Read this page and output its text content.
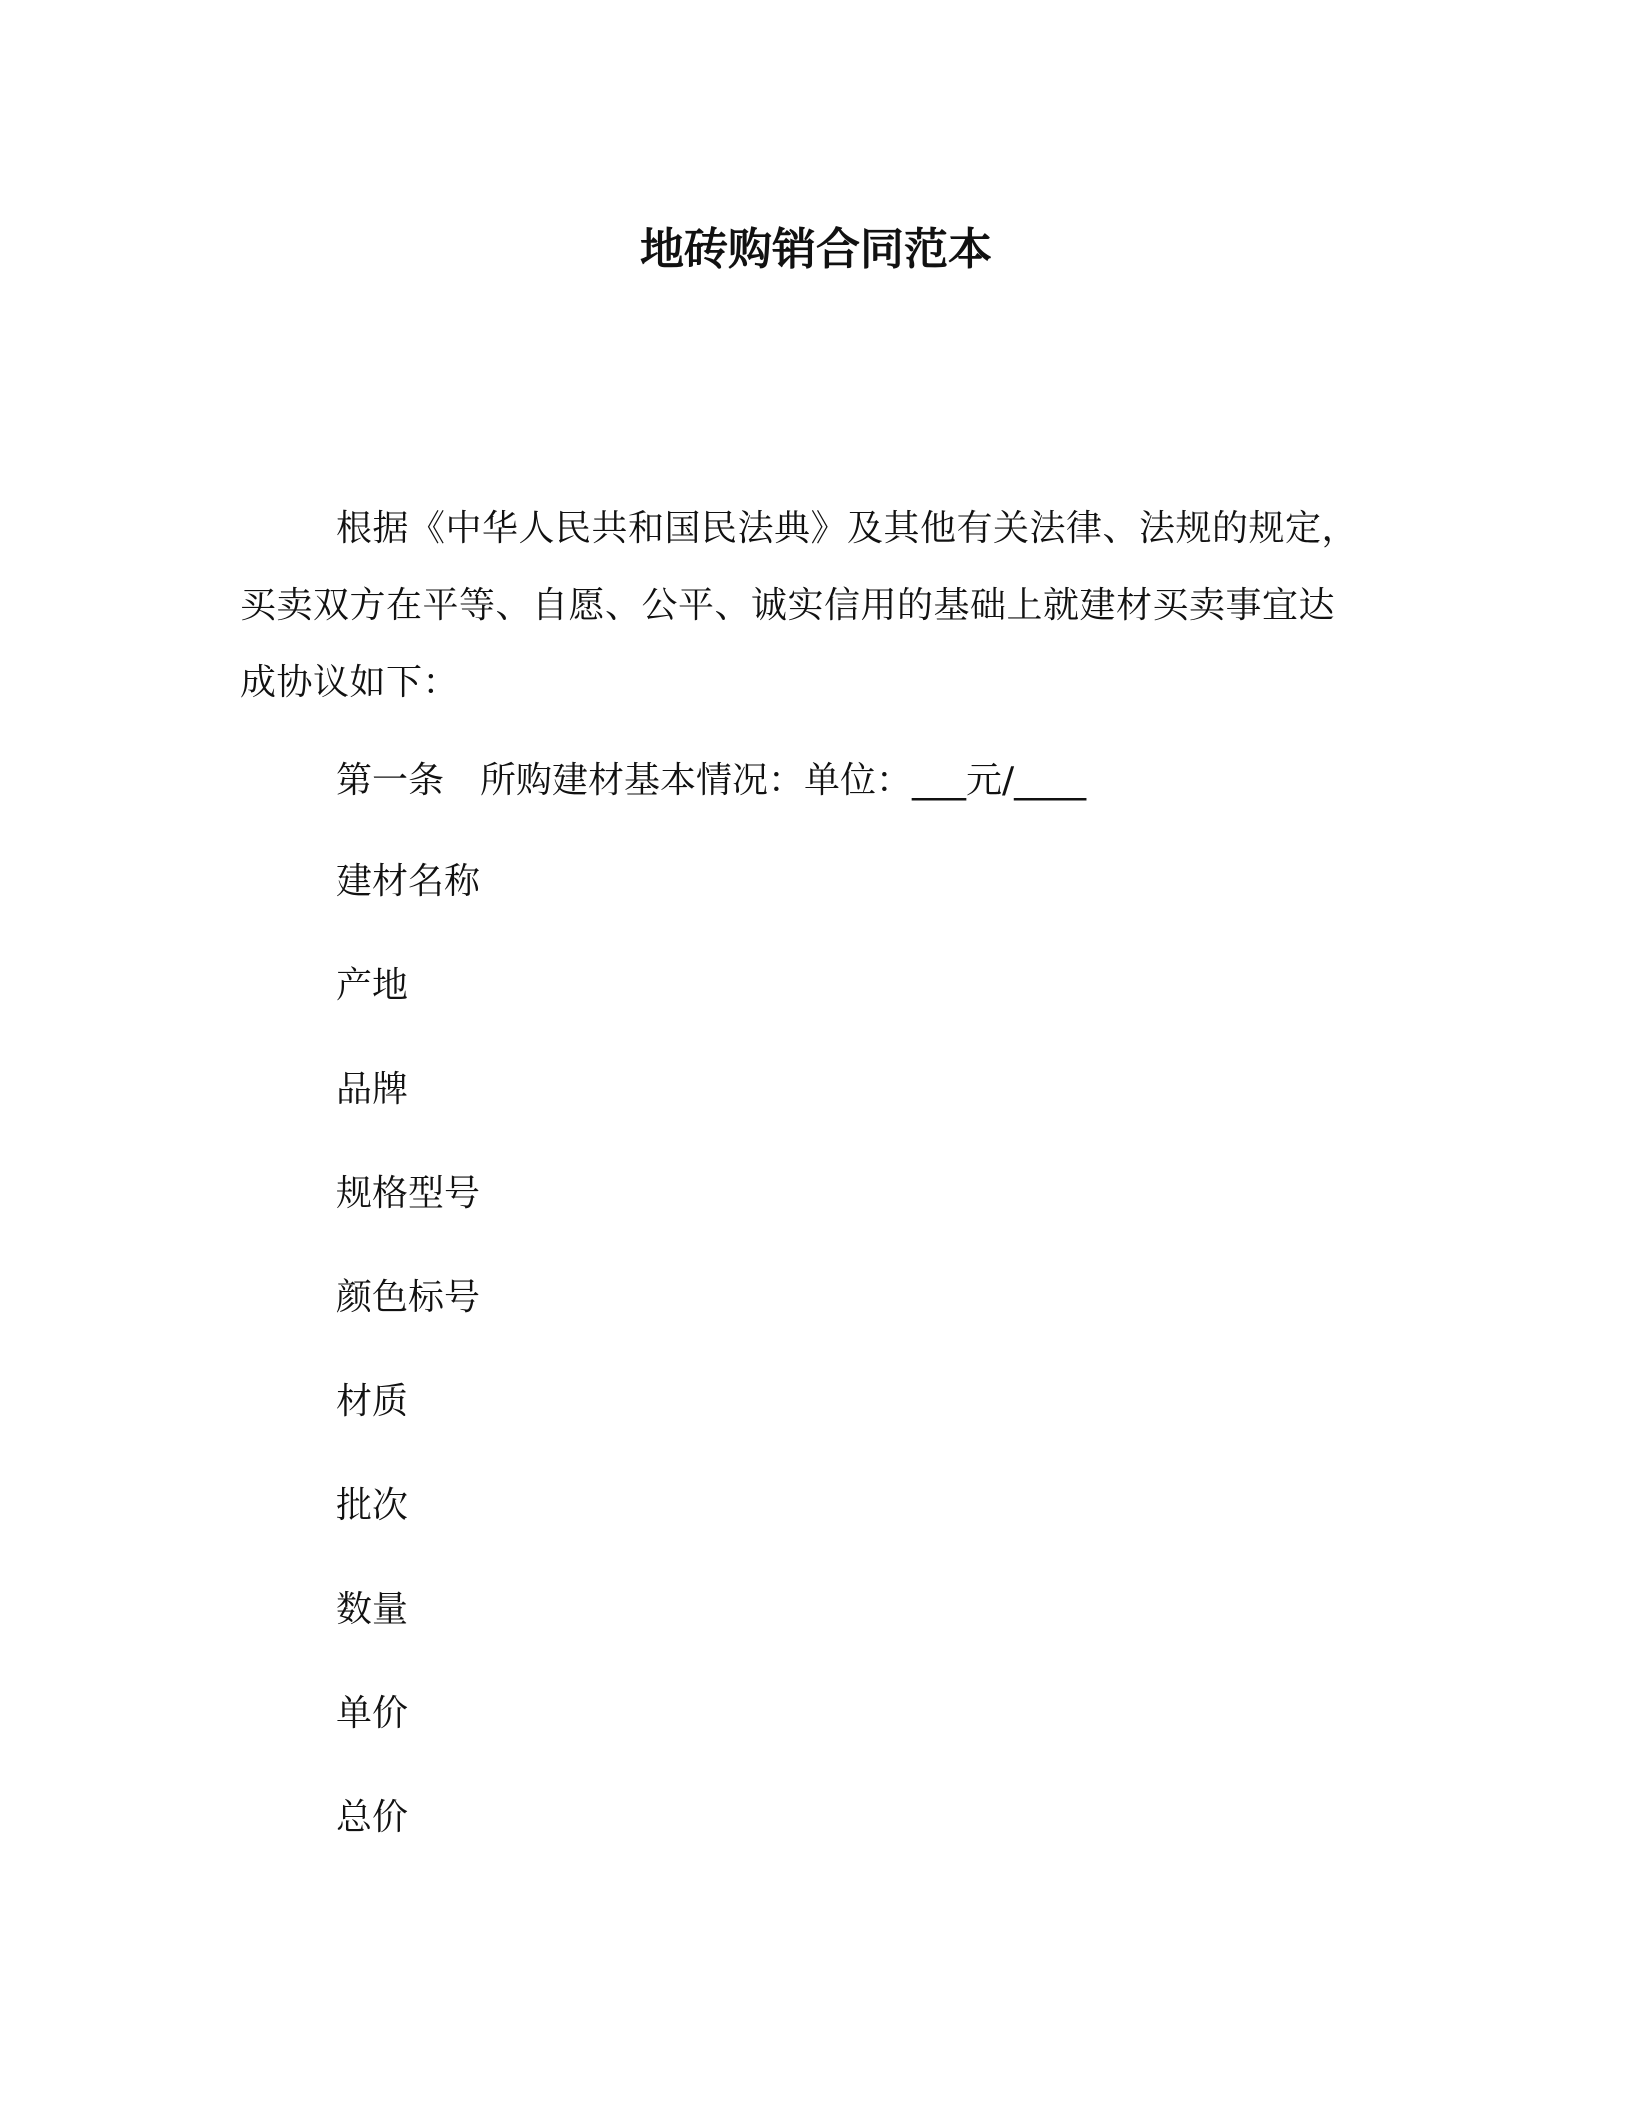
地砖购销合同范本

根据《中华人民共和国民法典》及其他有关法律、法规的规定，买卖双方在平等、自愿、公平、诚实信用的基础上就建材买卖事宜达成协议如下：

第一条 所购建材基本情况：单位：___元/____

建材名称
产地
品牌
规格型号
颜色标号
材质
批次
数量
单价
总价
